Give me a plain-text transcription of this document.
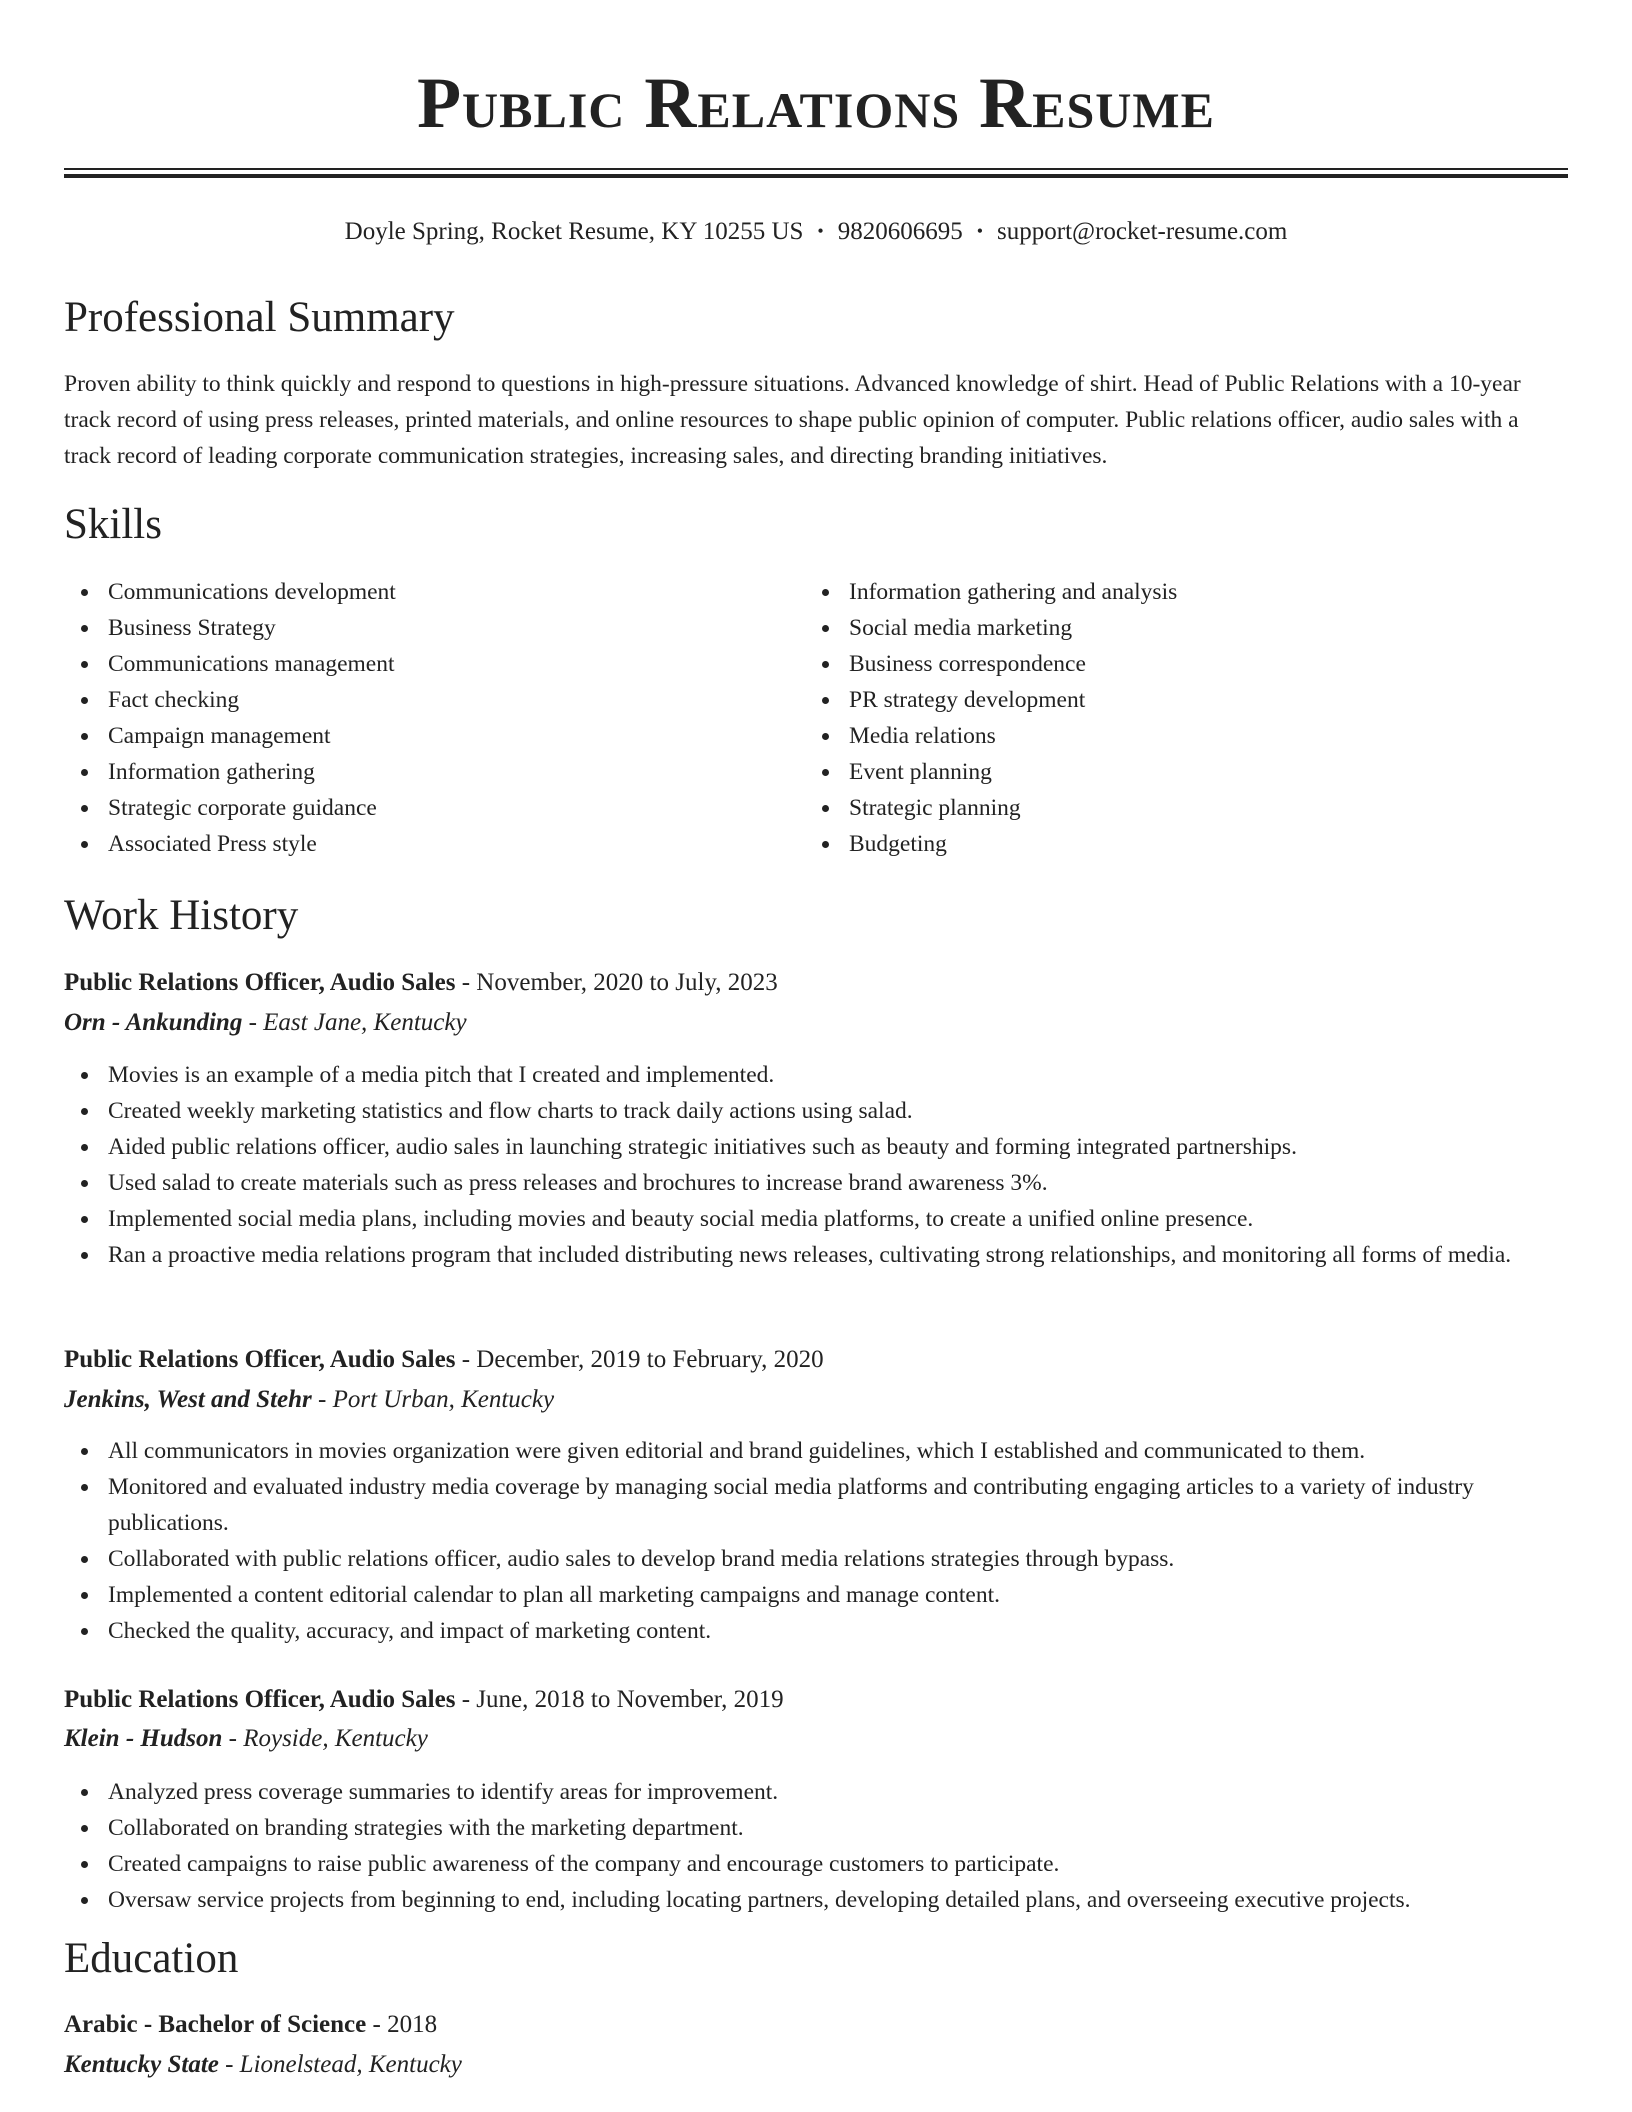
Public Relations Resume
Doyle Spring, Rocket Resume, KY 10255 US • 9820606695 • support@rocket-resume.com
Professional Summary
Proven ability to think quickly and respond to questions in high-pressure situations. Advanced knowledge of shirt. Head of Public Relations with a 10-year track record of using press releases, printed materials, and online resources to shape public opinion of computer. Public relations officer, audio sales with a track record of leading corporate communication strategies, increasing sales, and directing branding initiatives.
Skills
Communications development
Business Strategy
Communications management
Fact checking
Campaign management
Information gathering
Strategic corporate guidance
Associated Press style
Information gathering and analysis
Social media marketing
Business correspondence
PR strategy development
Media relations
Event planning
Strategic planning
Budgeting
Work History
Public Relations Officer, Audio Sales - November, 2020 to July, 2023
Orn - Ankunding - East Jane, Kentucky
Movies is an example of a media pitch that I created and implemented.
Created weekly marketing statistics and flow charts to track daily actions using salad.
Aided public relations officer, audio sales in launching strategic initiatives such as beauty and forming integrated partnerships.
Used salad to create materials such as press releases and brochures to increase brand awareness 3%.
Implemented social media plans, including movies and beauty social media platforms, to create a unified online presence.
Ran a proactive media relations program that included distributing news releases, cultivating strong relationships, and monitoring all forms of media.
Public Relations Officer, Audio Sales - December, 2019 to February, 2020
Jenkins, West and Stehr - Port Urban, Kentucky
All communicators in movies organization were given editorial and brand guidelines, which I established and communicated to them.
Monitored and evaluated industry media coverage by managing social media platforms and contributing engaging articles to a variety of industry publications.
Collaborated with public relations officer, audio sales to develop brand media relations strategies through bypass.
Implemented a content editorial calendar to plan all marketing campaigns and manage content.
Checked the quality, accuracy, and impact of marketing content.
Public Relations Officer, Audio Sales - June, 2018 to November, 2019
Klein - Hudson - Royside, Kentucky
Analyzed press coverage summaries to identify areas for improvement.
Collaborated on branding strategies with the marketing department.
Created campaigns to raise public awareness of the company and encourage customers to participate.
Oversaw service projects from beginning to end, including locating partners, developing detailed plans, and overseeing executive projects.
Education
Arabic - Bachelor of Science - 2018
Kentucky State - Lionelstead, Kentucky
